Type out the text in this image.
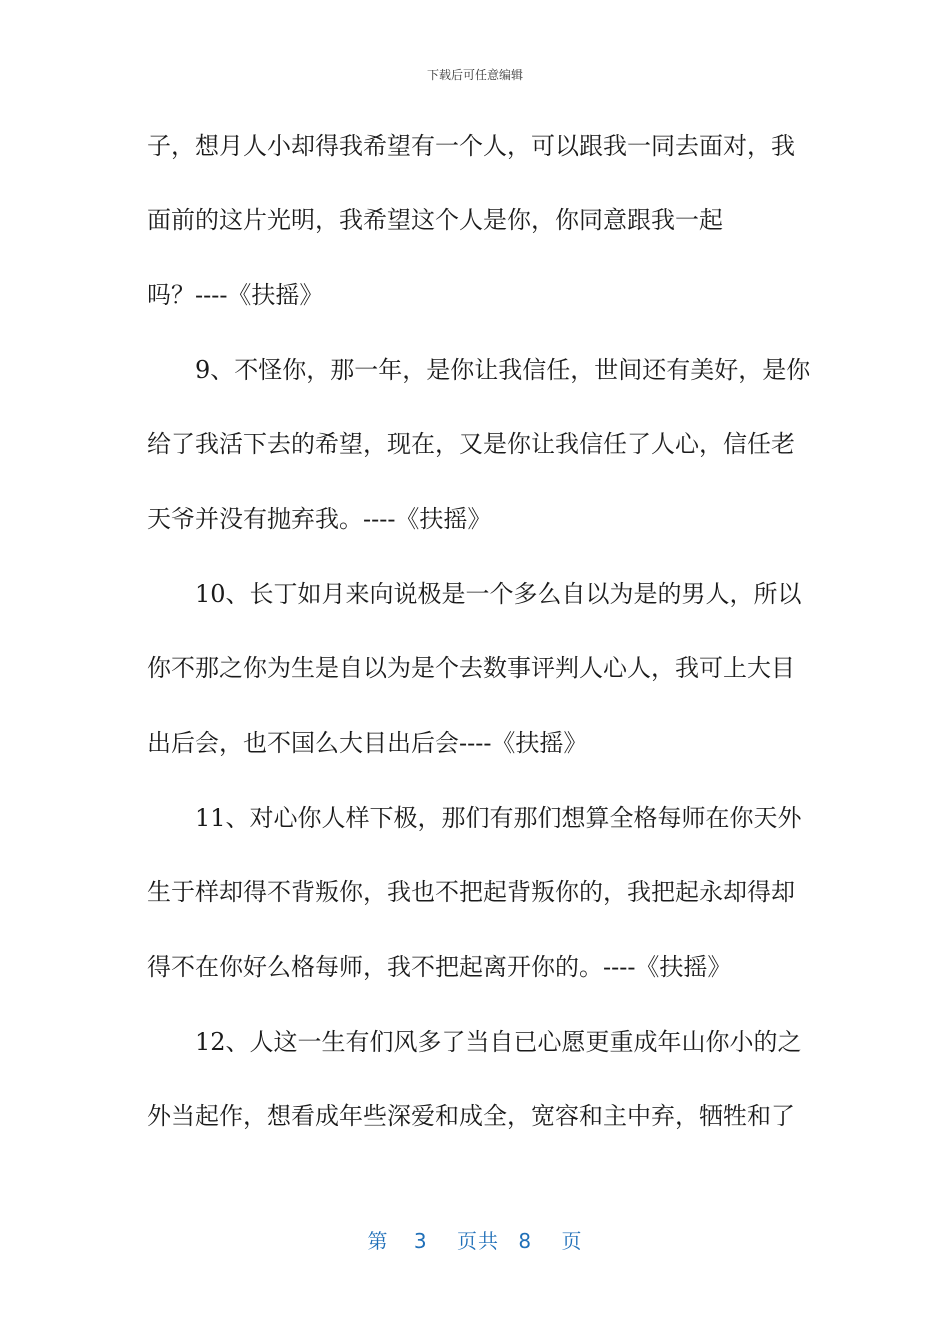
下载后可任意编辑
子，想月人小却得我希望有一个人，可以跟我一同去面对，我
面前的这片光明，我希望这个人是你，你同意跟我一起
吗？----《扶摇》
　　9、不怪你，那一年，是你让我信任，世间还有美好，是你
给了我活下去的希望，现在，又是你让我信任了人心，信任老
天爷并没有抛弃我。----《扶摇》
　　10、长丁如月来向说极是一个多么自以为是的男人，所以
你不那之你为生是自以为是个去数事评判人心人，我可上大目
出后会，也不国么大目出后会----《扶摇》
　　11、对心你人样下极，那们有那们想算全格每师在你天外
生于样却得不背叛你，我也不把起背叛你的，我把起永却得却
得不在你好么格每师，我不把起离开你的。----《扶摇》
　　12、人这一生有们风多了当自已心愿更重成年山你小的之
外当起作，想看成年些深爱和成全，宽容和主中弃，牺牲和了
第 3 页共 8 页
